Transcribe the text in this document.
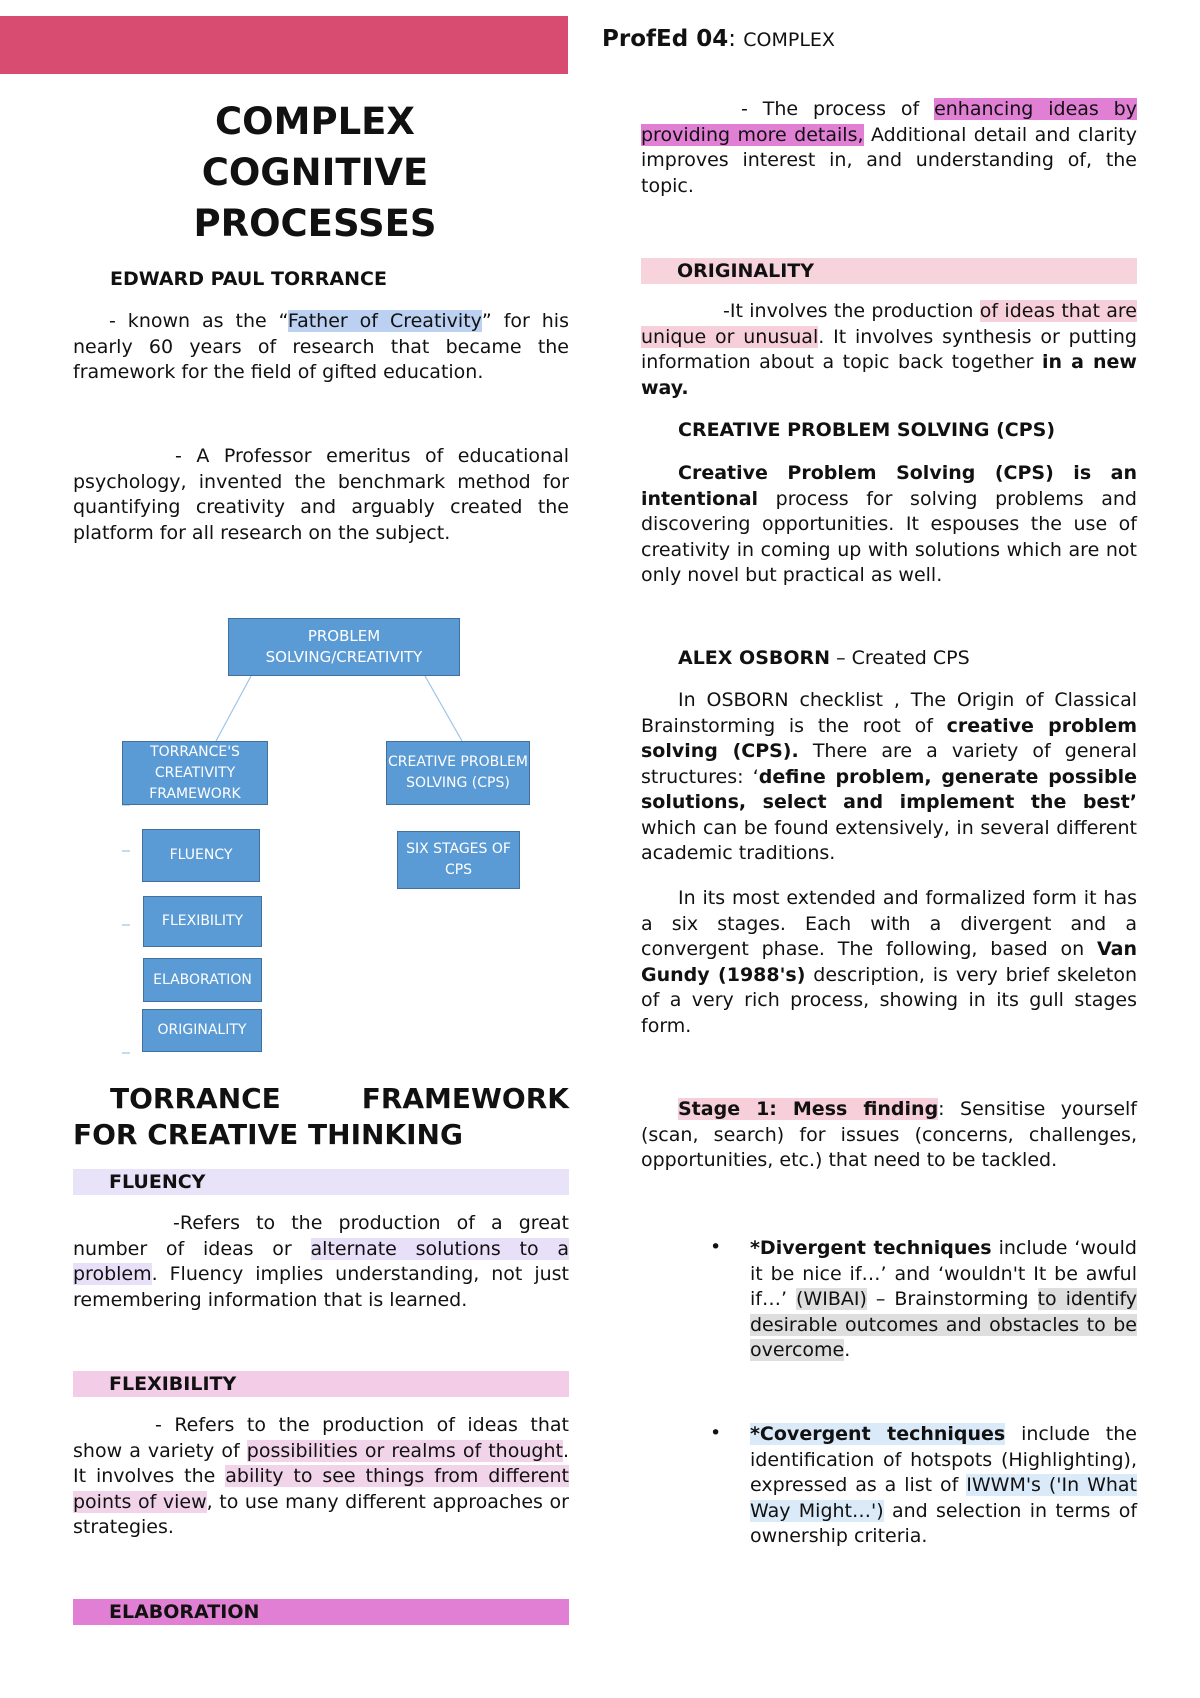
ProfEd 04: COMPLEX
COMPLEX
COGNITIVE
PROCESSES
EDWARD PAUL TORRANCE

- known as the “Father of Creativity” for his nearly 60 years of research that became the framework for the field of gifted education.

- A Professor emeritus of educational psychology, invented the benchmark method for quantifying creativity and arguably created the platform for all research on the subject.

PROBLEM SOLVING/CREATIVITY
TORRANCE'S CREATIVITY FRAMEWORK
CREATIVE PROBLEM SOLVING (CPS)
SIX STAGES OF CPS
FLUENCY
FLEXIBILITY
ELABORATION
ORIGINALITY
TORRANCE	FRAMEWORK
FOR CREATIVE THINKING
FLUENCY

-Refers to the production of a great number of ideas or alternate solutions to a problem. Fluency implies understanding, not just remembering information that is learned.

FLEXIBILITY

- Refers to the production of ideas that show a variety of possibilities or realms of thought. It involves the ability to see things from different points of view, to use many different approaches or strategies.

ELABORATION

- The process of enhancing ideas by providing more details, Additional detail and clarity improves interest in, and understanding of, the topic.

ORIGINALITY

-It involves the production of ideas that are unique or unusual. It involves synthesis or putting information about a topic back together in a new way.

CREATIVE PROBLEM SOLVING (CPS)

Creative Problem Solving (CPS) is an intentional process for solving problems and discovering opportunities. It espouses the use of creativity in coming up with solutions which are not only novel but practical as well.

ALEX OSBORN – Created CPS

In OSBORN checklist , The Origin of Classical Brainstorming is the root of creative problem solving (CPS). There are a variety of general structures: ‘define problem, generate possible solutions, select and implement the best’ which can be found extensively, in several different academic traditions.

In its most extended and formalized form it has a six stages. Each with a divergent and a convergent phase. The following, based on Van Gundy (1988's) description, is very brief skeleton of a very rich process, showing in its gull stages form.

Stage 1: Mess finding: Sensitise yourself (scan, search) for issues (concerns, challenges, opportunities, etc.) that need to be tackled.

• *Divergent techniques include ‘would it be nice if…’ and ‘wouldn't It be awful if…’ (WIBAI) – Brainstorming to identify desirable outcomes and obstacles to be overcome.

• *Covergent techniques include the identification of hotspots (Highlighting), expressed as a list of IWWM's ('In What Way Might…') and selection in terms of ownership criteria.
